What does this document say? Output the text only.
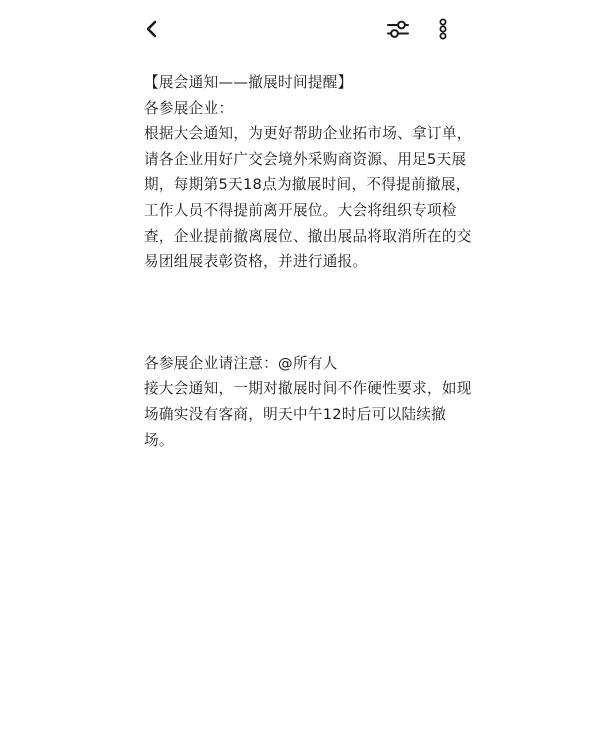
【展会通知——撤展时间提醒】

各参展企业：

根据大会通知，为更好帮助企业拓市场、拿订单，请各企业用好广交会境外采购商资源、用足5天展期，每期第5天18点为撤展时间，不得提前撤展，工作人员不得提前离开展位。大会将组织专项检查，企业提前撤离展位、撤出展品将取消所在的交易团组展表彰资格，并进行通报。

各参展企业请注意：@所有人

接大会通知，一期对撤展时间不作硬性要求，如现场确实没有客商，明天中午12时后可以陆续撤场。
